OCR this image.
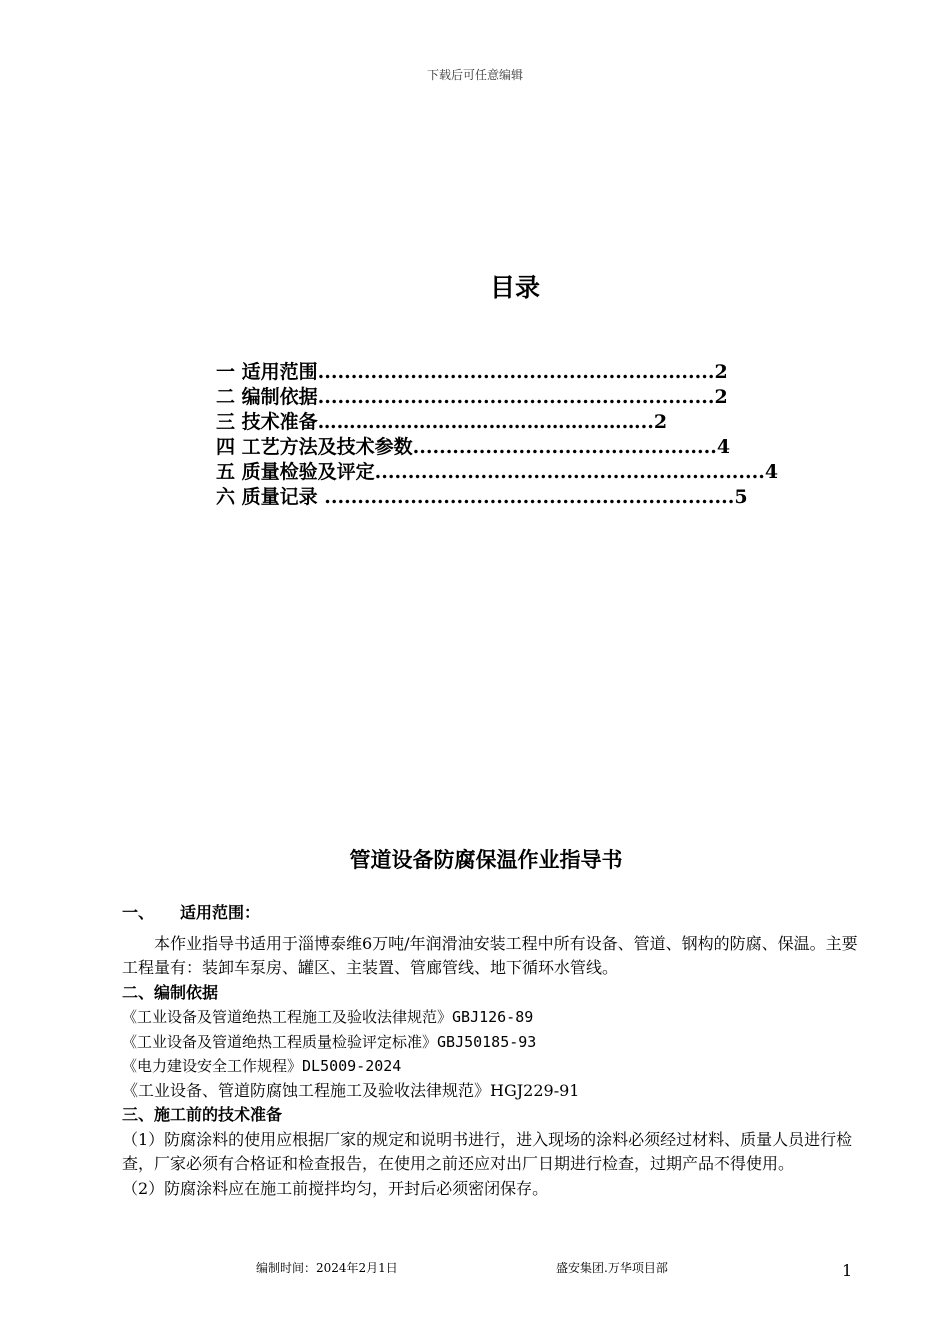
下载后可任意编辑
目录
一 适用范围............................................................2
二 编制依据............................................................2
三 技术准备……………………………………………..2
四 工艺方法及技术参数..............................................4
五 质量检验及评定...........................................................4
六 质量记录 ..............................................................5
管道设备防腐保温作业指导书
一、 适用范围：

本作业指导书适用于淄博泰维6万吨/年润滑油安装工程中所有设备、管道、钢构的防腐、保温。主要工程量有：装卸车泵房、罐区、主装置、管廊管线、地下循环水管线。

二、编制依据
《工业设备及管道绝热工程施工及验收法律规范》GBJ126-89
《工业设备及管道绝热工程质量检验评定标准》GBJ50185-93
《电力建设安全工作规程》DL5009-2024
《工业设备、管道防腐蚀工程施工及验收法律规范》HGJ229-91
三、施工前的技术准备

（1）防腐涂料的使用应根据厂家的规定和说明书进行，进入现场的涂料必须经过材料、质量人员进行检查，厂家必须有合格证和检查报告，在使用之前还应对出厂日期进行检查，过期产品不得使用。

（2）防腐涂料应在施工前搅拌均匀，开封后必须密闭保存。

编制时间：2024年2月1日	盛安集团.万华项目部	1
